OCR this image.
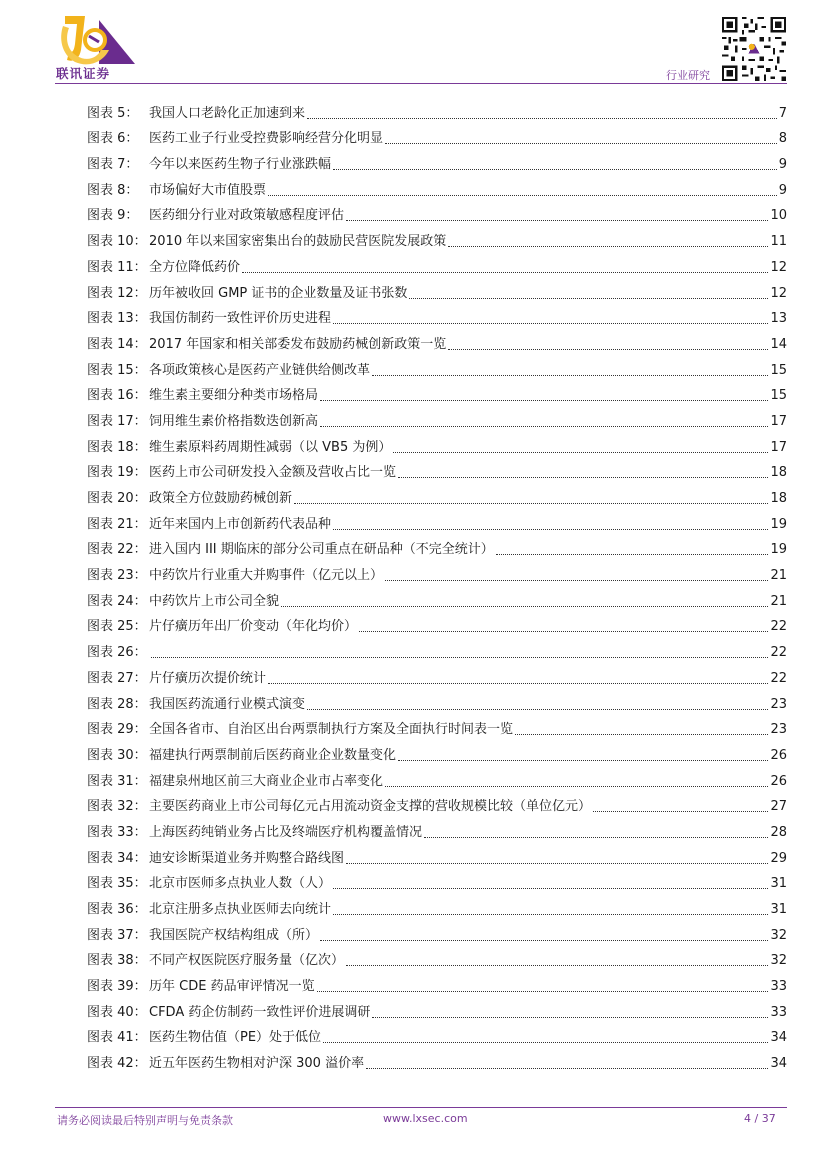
联讯证券	行业研究
图表 5： 我国人口老龄化正加速到来	7
图表 6： 医药工业子行业受控费影响经营分化明显	8
图表 7： 今年以来医药生物子行业涨跌幅	9
图表 8： 市场偏好大市值股票	9
图表 9： 医药细分行业对政策敏感程度评估	10
图表 10： 2010 年以来国家密集出台的鼓励民营医院发展政策	11
图表 11： 全方位降低药价	12
图表 12： 历年被收回 GMP 证书的企业数量及证书张数	12
图表 13： 我国仿制药一致性评价历史进程	13
图表 14： 2017 年国家和相关部委发布鼓励药械创新政策一览	14
图表 15： 各项政策核心是医药产业链供给侧改革	15
图表 16： 维生素主要细分种类市场格局	15
图表 17： 饲用维生素价格指数迭创新高	17
图表 18： 维生素原料药周期性减弱（以 VB5 为例）	17
图表 19： 医药上市公司研发投入金额及营收占比一览	18
图表 20： 政策全方位鼓励药械创新	18
图表 21： 近年来国内上市创新药代表品种	19
图表 22： 进入国内 III 期临床的部分公司重点在研品种（不完全统计）	19
图表 23： 中药饮片行业重大并购事件（亿元以上）	21
图表 24： 中药饮片上市公司全貌	21
图表 25： 片仔癀历年出厂价变动（年化均价）	22
图表 26：	22
图表 27： 片仔癀历次提价统计	22
图表 28： 我国医药流通行业模式演变	23
图表 29： 全国各省市、自治区出台两票制执行方案及全面执行时间表一览	23
图表 30： 福建执行两票制前后医药商业企业数量变化	26
图表 31： 福建泉州地区前三大商业企业市占率变化	26
图表 32： 主要医药商业上市公司每亿元占用流动资金支撑的营收规模比较（单位亿元）	27
图表 33： 上海医药纯销业务占比及终端医疗机构覆盖情况	28
图表 34： 迪安诊断渠道业务并购整合路线图	29
图表 35： 北京市医师多点执业人数（人）	31
图表 36： 北京注册多点执业医师去向统计	31
图表 37： 我国医院产权结构组成（所）	32
图表 38： 不同产权医院医疗服务量（亿次）	32
图表 39： 历年 CDE 药品审评情况一览	33
图表 40： CFDA 药企仿制药一致性评价进展调研	33
图表 41： 医药生物估值（PE）处于低位	34
图表 42： 近五年医药生物相对沪深 300 溢价率	34
请务必阅读最后特别声明与免责条款	www.lxsec.com	4 / 37
